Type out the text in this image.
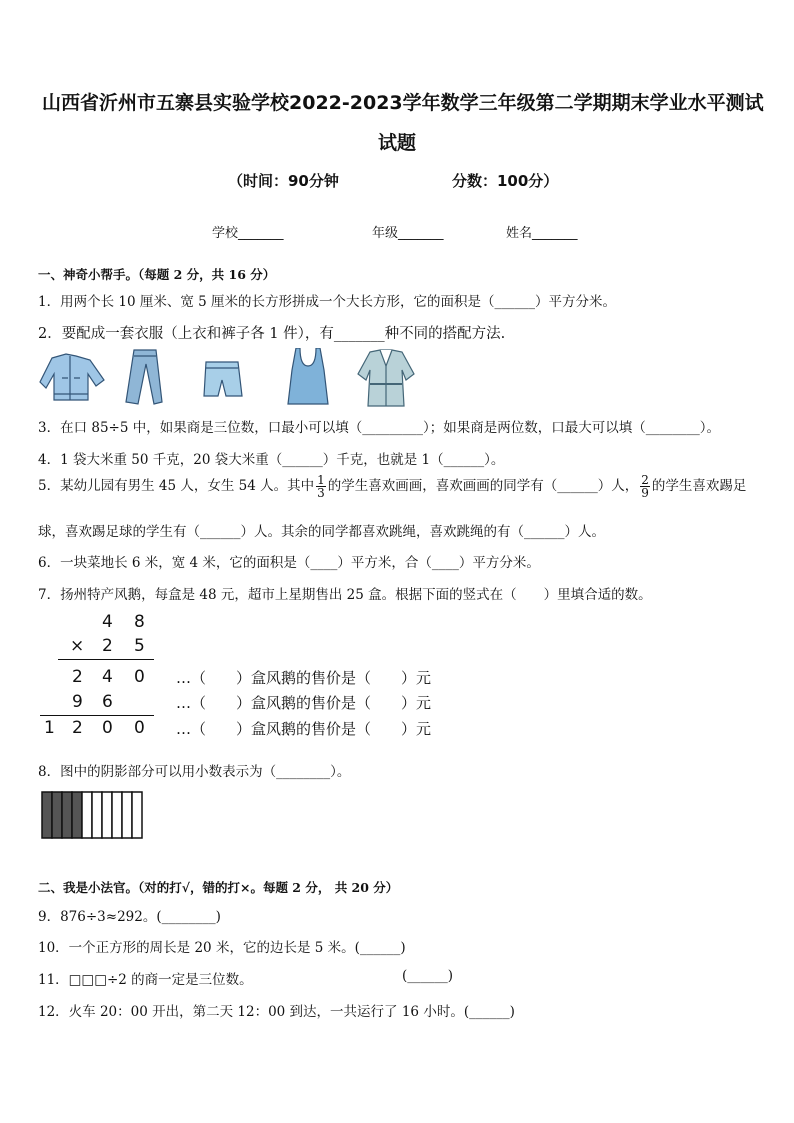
山西省沂州市五寨县实验学校2022-2023学年数学三年级第二学期期末学业水平测试
试题
（时间：90分钟	分数：100分）
学校_______	年级_______	姓名_______
一、神奇小帮手。（每题 2 分，共 16 分）
1．用两个长 10 厘米、宽 5 厘米的长方形拼成一个大长方形，它的面积是（______）平方分米。
2．要配成一套衣服（上衣和裤子各 1 件），有_______种不同的搭配方法.
3．在口 85÷5 中，如果商是三位数，口最小可以填（_________）；如果商是两位数，口最大可以填（________）。
4．1 袋大米重 50 千克，20 袋大米重（______）千克，也就是 1（______）。
5．某幼儿园有男生 45 人，女生 54 人。其中 $\frac{1}{3}$ 的学生喜欢画画，喜欢画画的同学有（______）人， $\frac{2}{9}$ 的学生喜欢踢足
球，喜欢踢足球的学生有（______）人。其余的同学都喜欢跳绳，喜欢跳绳的有（______）人。
6．一块菜地长 6 米，宽 4 米，它的面积是（____）平方米，合（____）平方分米。
7．扬州特产风鹅，每盒是 48 元，超市上星期售出 25 盒。根据下面的竖式在（　　）里填合适的数。
4 8
× 2 5
2 4 0 …（　　）盒风鹅的售价是（　　）元
9 6	…（　　）盒风鹅的售价是（　　）元
1 2 0 0 …（　　）盒风鹅的售价是（　　）元
8．图中的阴影部分可以用小数表示为（________）。
二、我是小法官。（对的打√，错的打×。每题 2 分， 共 20 分）
9．876÷3≈292。(________)
10．一个正方形的周长是 20 米，它的边长是 5 米。(______)
11．□□□÷2 的商一定是三位数。	(______)
12．火车 20：00 开出，第二天 12：00 到达，一共运行了 16 小时。(______)
